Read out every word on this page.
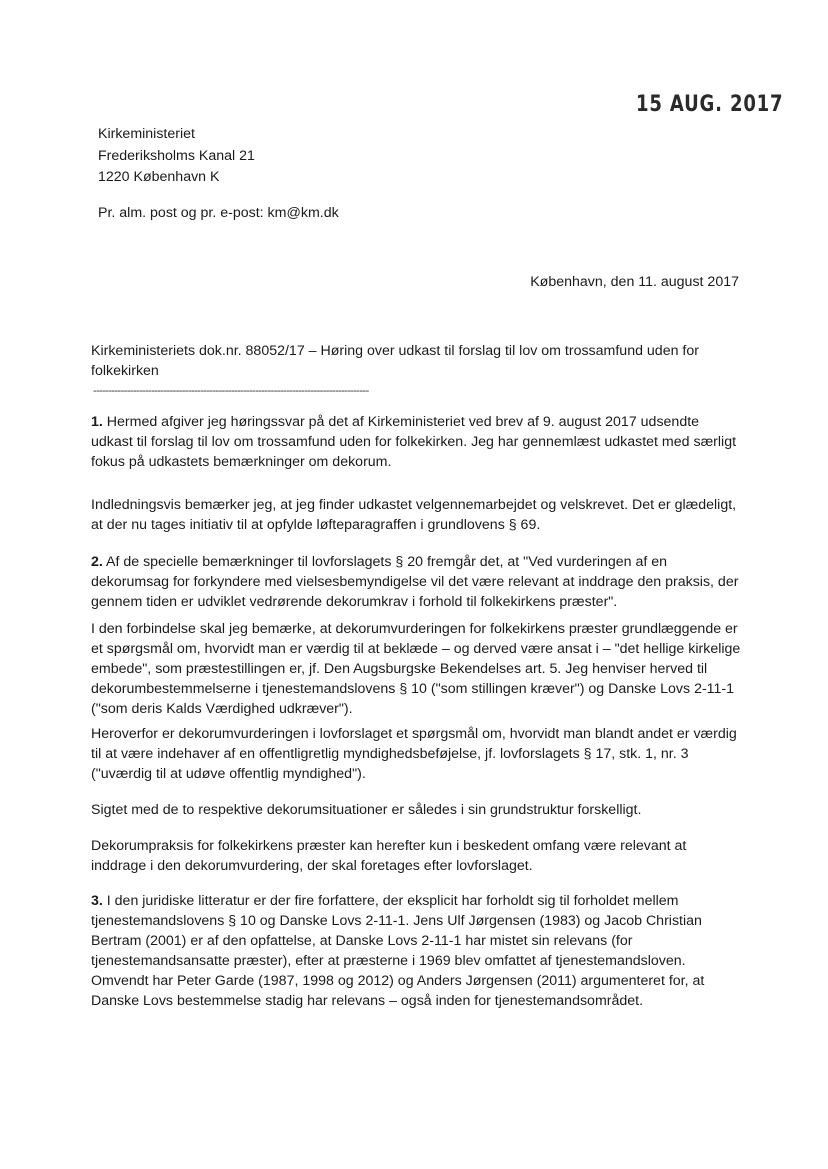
15 AUG. 2017
Kirkeministeriet
Frederiksholms Kanal 21
1220 København K
Pr. alm. post og pr. e-post: km@km.dk
København, den 11. august 2017
Kirkeministeriets dok.nr. 88052/17 – Høring over udkast til forslag til lov om trossamfund uden for folkekirken
------------------------------------------------------------------------------------------

1. Hermed afgiver jeg høringssvar på det af Kirkeministeriet ved brev af 9. august 2017 udsendte udkast til forslag til lov om trossamfund uden for folkekirken. Jeg har gennemlæst udkastet med særligt fokus på udkastets bemærkninger om dekorum.

Indledningsvis bemærker jeg, at jeg finder udkastet velgennemarbejdet og velskrevet. Det er glædeligt, at der nu tages initiativ til at opfylde løfteparagraffen i grundlovens § 69.

2. Af de specielle bemærkninger til lovforslagets § 20 fremgår det, at "Ved vurderingen af en dekorumsag for forkyndere med vielsesbemyndigelse vil det være relevant at inddrage den praksis, der gennem tiden er udviklet vedrørende dekorumkrav i forhold til folkekirkens præster".

I den forbindelse skal jeg bemærke, at dekorumvurderingen for folkekirkens præster grundlæggende er et spørgsmål om, hvorvidt man er værdig til at beklæde – og derved være ansat i – "det hellige kirkelige embede", som præstestillingen er, jf. Den Augsburgske Bekendelses art. 5. Jeg henviser herved til dekorumbestemmelserne i tjenestemandslovens § 10 ("som stillingen kræver") og Danske Lovs 2-11-1 ("som deris Kalds Værdighed udkræver").

Heroverfor er dekorumvurderingen i lovforslaget et spørgsmål om, hvorvidt man blandt andet er værdig til at være indehaver af en offentligretlig myndighedsbeføjelse, jf. lovforslagets § 17, stk. 1, nr. 3 ("uværdig til at udøve offentlig myndighed").

Sigtet med de to respektive dekorumsituationer er således i sin grundstruktur forskelligt.

Dekorumpraksis for folkekirkens præster kan herefter kun i beskedent omfang være relevant at inddrage i den dekorumvurdering, der skal foretages efter lovforslaget.

3. I den juridiske litteratur er der fire forfattere, der eksplicit har forholdt sig til forholdet mellem tjenestemandslovens § 10 og Danske Lovs 2-11-1. Jens Ulf Jørgensen (1983) og Jacob Christian Bertram (2001) er af den opfattelse, at Danske Lovs 2-11-1 har mistet sin relevans (for tjenestemandsansatte præster), efter at præsterne i 1969 blev omfattet af tjenestemandsloven. Omvendt har Peter Garde (1987, 1998 og 2012) og Anders Jørgensen (2011) argumenteret for, at Danske Lovs bestemmelse stadig har relevans – også inden for tjenestemandsområdet.
